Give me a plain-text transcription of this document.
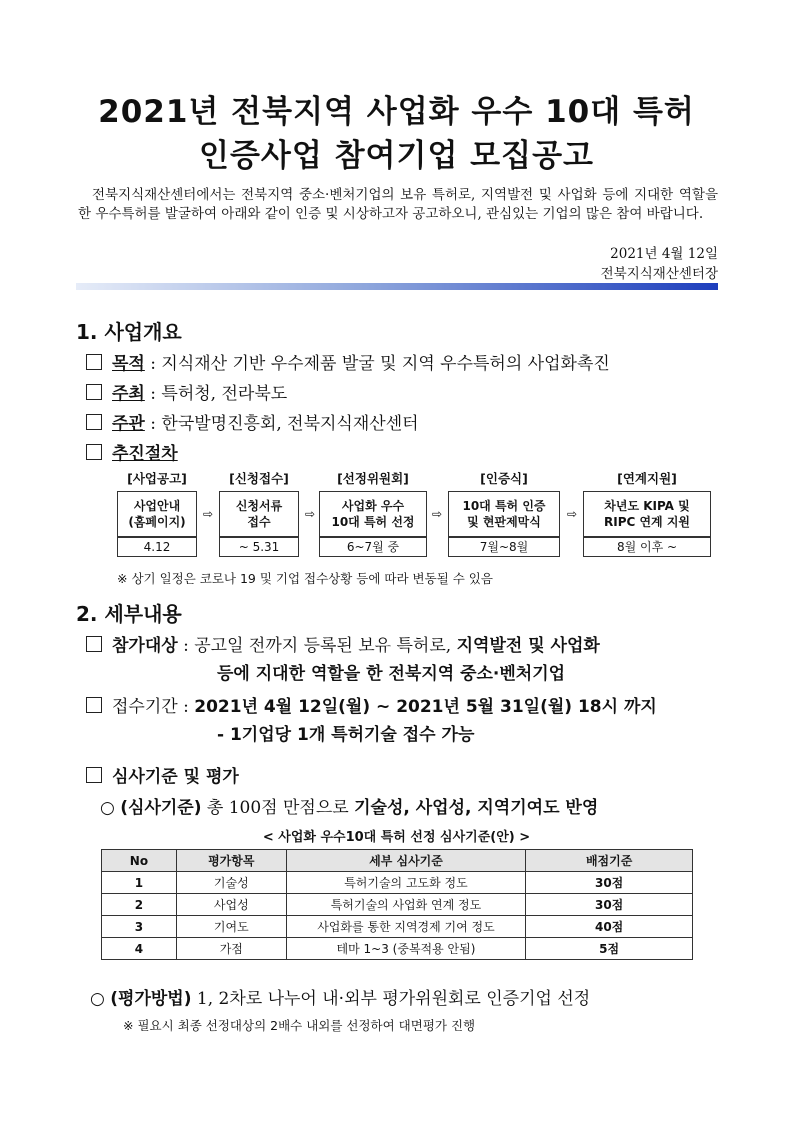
2021년 전북지역 사업화 우수 10대 특허
인증사업 참여기업 모집공고
전북지식재산센터에서는 전북지역 중소·벤처기업의 보유 특허로, 지역발전 및 사업화 등에 지대한 역할을 한 우수특허를 발굴하여 아래와 같이 인증 및 시상하고자 공고하오니, 관심있는 기업의 많은 참여 바랍니다.
2021년 4월 12일
전북지식재산센터장
1. 사업개요
목적 : 지식재산 기반 우수제품 발굴 및 지역 우수특허의 사업화촉진
주최 : 특허청, 전라북도
주관 : 한국발명진흥회, 전북지식재산센터
추진절차
[사업공고]
사업안내
(홈페이지)
4.12
⇨
[신청접수]
신청서류
접수
~ 5.31
⇨
[선정위원회]
사업화 우수
10대 특허 선정
6~7월 중
⇨
[인증식]
10대 특허 인증
및 현판제막식
7월~8월
⇨
[연계지원]
차년도 KIPA 및
RIPC 연계 지원
8월 이후 ~
※ 상기 일정은 코로나 19 및 기업 접수상황 등에 따라 변동될 수 있음
2. 세부내용
참가대상 : 공고일 전까지 등록된 보유 특허로, 지역발전 및 사업화
등에 지대한 역할을 한 전북지역 중소·벤처기업
접수기간 : 2021년 4월 12일(월) ~ 2021년 5월 31일(월) 18시 까지
- 1기업당 1개 특허기술 접수 가능
심사기준 및 평가
○ (심사기준) 총 100점 만점으로 기술성, 사업성, 지역기여도 반영
< 사업화 우수10대 특허 선정 심사기준(안) >
No	평가항목	세부 심사기준	배점기준
1	기술성	특허기술의 고도화 정도	30점
2	사업성	특허기술의 사업화 연계 정도	30점
3	기여도	사업화를 통한 지역경제 기여 정도	40점
4	가점	테마 1~3 (중복적용 안됨)	5점
○ (평가방법) 1, 2차로 나누어 내·외부 평가위원회로 인증기업 선정
※ 필요시 최종 선정대상의 2배수 내외를 선정하여 대면평가 진행
